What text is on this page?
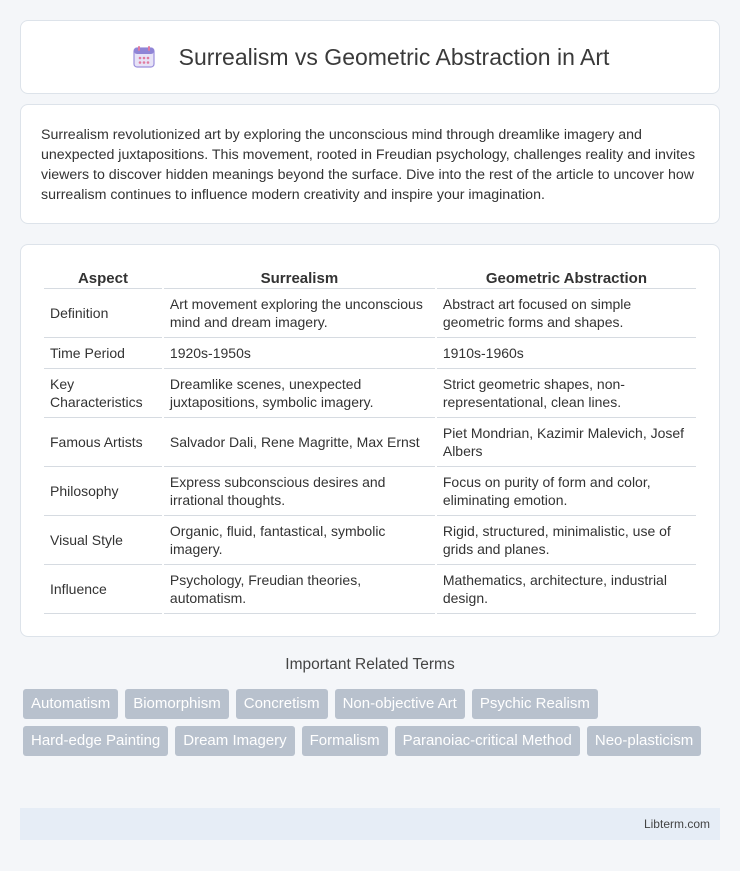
Surrealism vs Geometric Abstraction in Art

Surrealism revolutionized art by exploring the unconscious mind through dreamlike imagery and unexpected juxtapositions. This movement, rooted in Freudian psychology, challenges reality and invites viewers to discover hidden meanings beyond the surface. Dive into the rest of the article to uncover how surrealism continues to influence modern creativity and inspire your imagination.

Aspect	Surrealism	Geometric Abstraction
Definition	Art movement exploring the unconscious mind and dream imagery.	Abstract art focused on simple geometric forms and shapes.
Time Period	1920s-1950s	1910s-1960s
Key Characteristics	Dreamlike scenes, unexpected juxtapositions, symbolic imagery.	Strict geometric shapes, non-representational, clean lines.
Famous Artists	Salvador Dali, Rene Magritte, Max Ernst	Piet Mondrian, Kazimir Malevich, Josef Albers
Philosophy	Express subconscious desires and irrational thoughts.	Focus on purity of form and color, eliminating emotion.
Visual Style	Organic, fluid, fantastical, symbolic imagery.	Rigid, structured, minimalistic, use of grids and planes.
Influence	Psychology, Freudian theories, automatism.	Mathematics, architecture, industrial design.
Important Related Terms
Automatism	Biomorphism	Concretism	Non-objective Art	Psychic Realism
Hard-edge Painting	Dream Imagery	Formalism	Paranoiac-critical Method	Neo-plasticism
Libterm.com
